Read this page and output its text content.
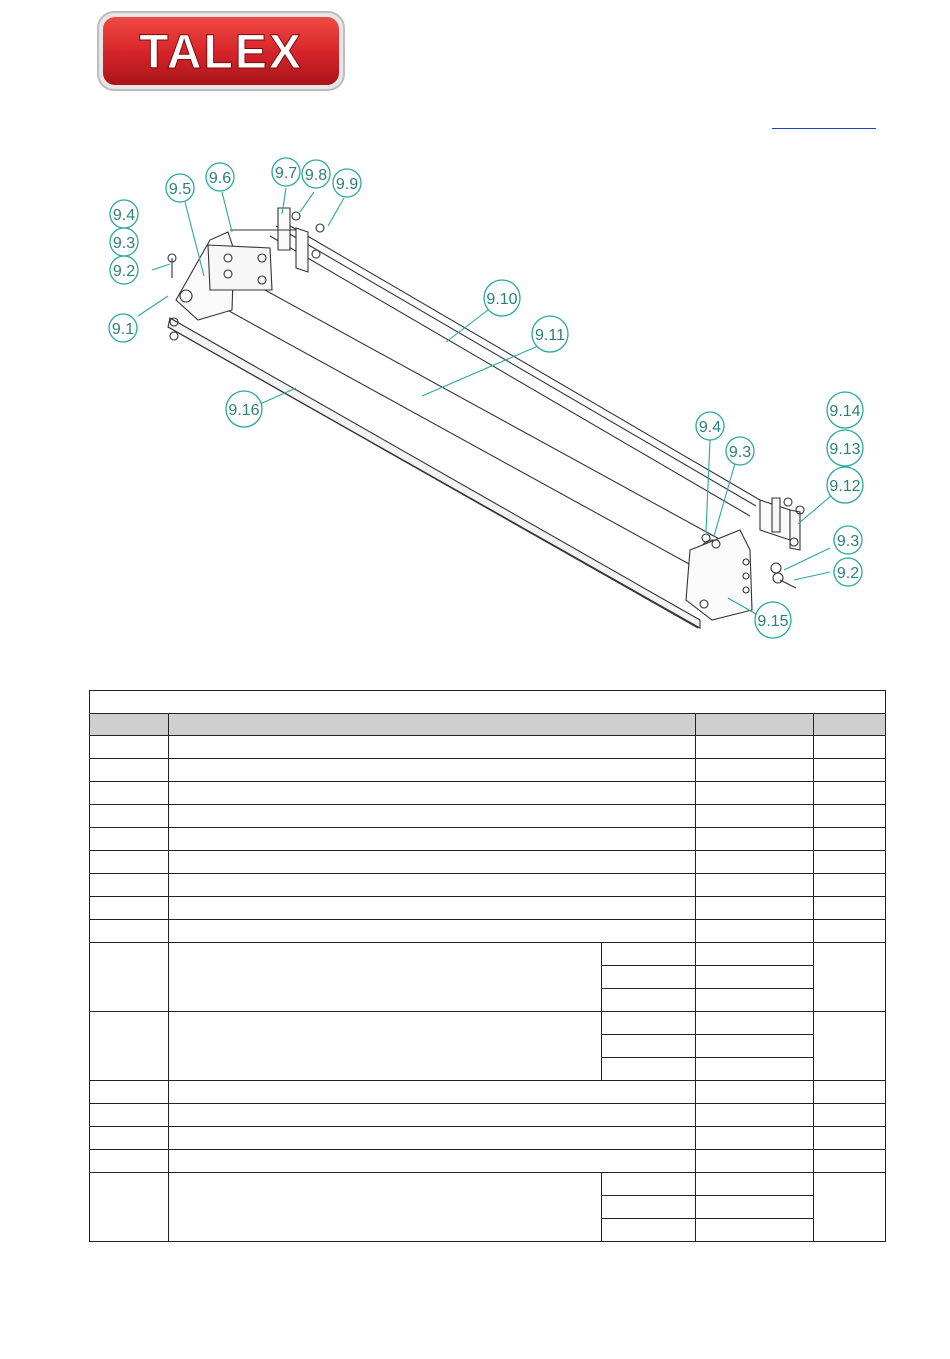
TALEX
9.1
9.2
9.3
9.4
9.5
9.6	9.7 9.8
9.9
9.10
9.11
9.16
9.4
9.3
9.14
9.13
9.12
9.3
9.2
9.15
